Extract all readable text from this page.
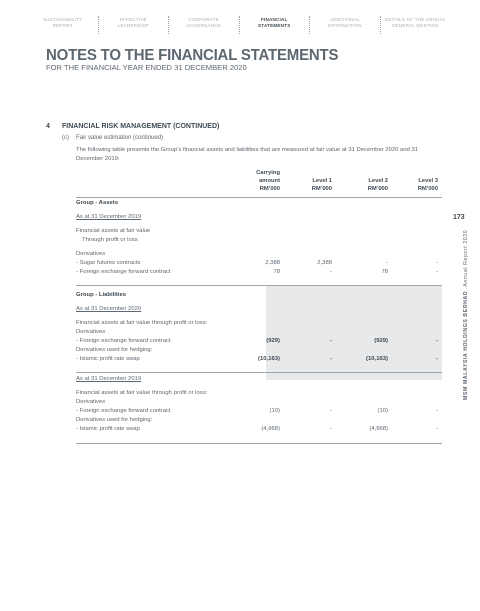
SUSTAINABILITY
REPORT
EFFECTIVE
LEADERSHIP
CORPORATE
GOVERNANCE
FINANCIAL
STATEMENTS
ADDITIONAL
INFORMATION
DETAILS OF THE ANNUAL
GENERAL MEETING
NOTES TO THE FINANCIAL STATEMENTS
FOR THE FINANCIAL YEAR ENDED 31 DECEMBER 2020
4 FINANCIAL RISK MANAGEMENT (CONTINUED)
(c) Fair value estimation (continued)
The following table presents the Group’s financial assets and liabilities that are measured at fair value at 31 December 2020 and 31 December 2019:
Carrying
amount
RM’000
Level 1
RM’000
Level 2
RM’000
Level 3
RM’000
Group - Assets
As at 31 December 2019
Financial assets at fair value
Through profit or loss
Derivatives
- Sugar futures contracts	2,388	2,388	-	-
- Foreign exchange forward contract	78	-	78	-
Group - Liabilities
As at 31 December 2020
Financial assets at fair value through profit or loss:
Derivatives
- Foreign exchange forward contract	(929)	-	(929)	-
Derivatives used for hedging:
- Islamic profit rate swap	(10,163)	-	(10,163)	-
As at 31 December 2019
Financial assets at fair value through profit or loss:
Derivatives
- Foreign exchange forward contract	(10)	-	(10)	-
Derivatives used for hedging:
- Islamic profit rate swap	(4,968)	-	(4,968)	-
173
MSM MALAYSIA HOLDINGS BERHAD  Annual Report 2020
